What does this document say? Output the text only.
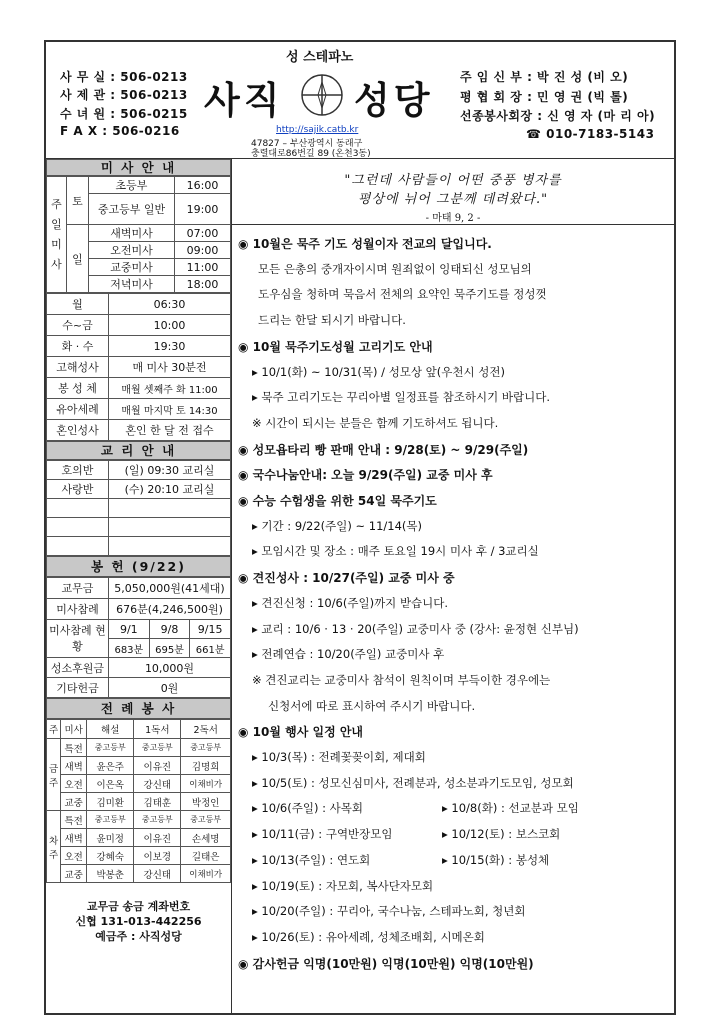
성 스테파노
사 무 실 : 506-0213
사 제 관 : 506-0213
수 녀 원 : 506-0215
F A X : 506-0216
사직 성당
http://sajik.catb.kr
47827 – 부산광역시 동래구
충렬대로86번길 89 (온천3동)
주 임 신 부 : 박 진 성 (비 오)
평 협 회 장 : 민 영 권 (빅 톨)
선종봉사회장 : 신 영 자 (마 리 아)
☎ 010-7183-5143
미 사 안 내
주일미사	토	초등부	16:00
		중고등부 일반	19:00
	일	새벽미사	07:00
		오전미사	09:00
		교중미사	11:00
		저녁미사	18:00
월	06:30
수~금	10:00
화 · 수	19:30
고해성사	매 미사 30분전
봉 성 체	매월 셋째주 화 11:00
유아세례	매월 마지막 토 14:30
혼인성사	혼인 한 달 전 접수
교 리 안 내
호의반	(일) 09:30 교리실
사랑반	(수) 20:10 교리실

봉 헌 (9/22)
교무금	5,050,000원(41세대)		
미사참례	676분(4,246,500원)		
미사참례 현황	9/1	9/8	9/15
	683분	695분	661분
성소후원금	10,000원		
기타헌금	0원		
전 례 봉 사
주	미사	해설	1독서	2독서
금주	특전	중고등부	중고등부	중고등부
	새벽	윤은주	이유진	김명희
	오전	이은옥	강신태	이채비가
	교중	김미환	김태훈	박정인
차주	특전	중고등부	중고등부	중고등부
	새벽	윤미정	이유진	손세명
	오전	강혜숙	이보경	길태은
	교중	박봉춘	강신태	이채비가
교무금 송금 계좌번호
신협 131-013-442256
예금주 : 사직성당
"그런데 사람들이 어떤 중풍 병자를
평상에 뉘어 그분께 데려왔다."
- 마태 9, 2 -
◉ 10월은 묵주 기도 성월이자 전교의 달입니다.
모든 은총의 중개자이시며 원죄없이 잉태되신 성모님의
도우심을 청하며 묵음서 전체의 요약인 묵주기도를 정성껏
드리는 한달 되시기 바랍니다.
◉ 10월 묵주기도성월 고리기도 안내
▸ 10/1(화) ~ 10/31(목) / 성모상 앞(우천시 성전)
▸ 묵주 고리기도는 꾸리아별 일정표를 참조하시기 바랍니다.
※ 시간이 되시는 분들은 함께 기도하셔도 됩니다.
◉ 성모욥타리 빵 판매 안내 : 9/28(토) ~ 9/29(주일)
◉ 국수나눔안내: 오늘 9/29(주일) 교중 미사 후
◉ 수능 수험생을 위한 54일 묵주기도
▸ 기간 : 9/22(주일) ~ 11/14(목)
▸ 모임시간 및 장소 : 매주 토요일 19시 미사 후 / 3교리실
◉ 견진성사 : 10/27(주일) 교중 미사 중
▸ 견진신청 : 10/6(주일)까지 받습니다.
▸ 교리 : 10/6 · 13 · 20(주일) 교중미사 중 (강사: 윤정현 신부님)
▸ 전례연습 : 10/20(주일) 교중미사 후
※ 견진교리는 교중미사 참석이 원칙이며 부득이한 경우에는
신청서에 따로 표시하여 주시기 바랍니다.
◉ 10월 행사 일정 안내
▸ 10/3(목) : 전례꽃꽂이회, 제대회
▸ 10/5(토) : 성모신심미사, 전례분과, 성소분과기도모임, 성모회
▸ 10/6(주일) : 사목회	▸ 10/8(화) : 선교분과 모임
▸ 10/11(금) : 구역반장모임	▸ 10/12(토) : 보스코회
▸ 10/13(주일) : 연도회	▸ 10/15(화) : 봉성체
▸ 10/19(토) : 자모회, 복사단자모회
▸ 10/20(주일) : 꾸리아, 국수나눔, 스테파노회, 청년회
▸ 10/26(토) : 유아세례, 성체조배회, 시메온회
◉ 감사헌금 익명(10만원) 익명(10만원) 익명(10만원)
